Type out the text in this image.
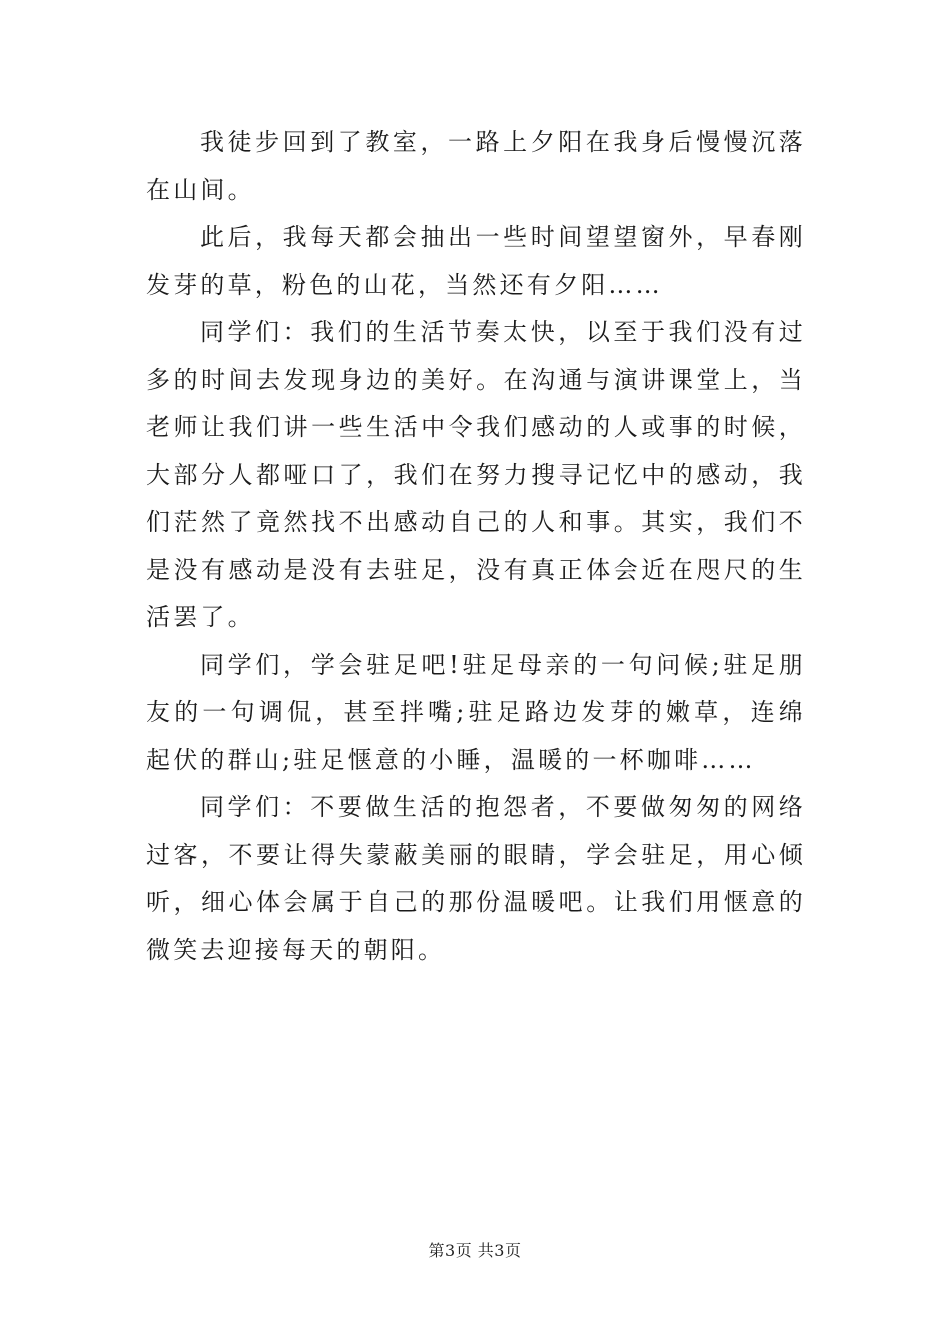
我徒步回到了教室，一路上夕阳在我身后慢慢沉落在山间。

此后，我每天都会抽出一些时间望望窗外，早春刚发芽的草，粉色的山花，当然还有夕阳……

同学们：我们的生活节奏太快，以至于我们没有过多的时间去发现身边的美好。在沟通与演讲课堂上，当老师让我们讲一些生活中令我们感动的人或事的时候，大部分人都哑口了，我们在努力搜寻记忆中的感动，我们茫然了竟然找不出感动自己的人和事。其实，我们不是没有感动是没有去驻足，没有真正体会近在咫尺的生活罢了。

同学们，学会驻足吧!驻足母亲的一句问候;驻足朋友的一句调侃，甚至拌嘴;驻足路边发芽的嫩草，连绵起伏的群山;驻足惬意的小睡，温暖的一杯咖啡……

同学们：不要做生活的抱怨者，不要做匆匆的网络过客，不要让得失蒙蔽美丽的眼睛，学会驻足，用心倾听，细心体会属于自己的那份温暖吧。让我们用惬意的微笑去迎接每天的朝阳。

第3页 共3页
